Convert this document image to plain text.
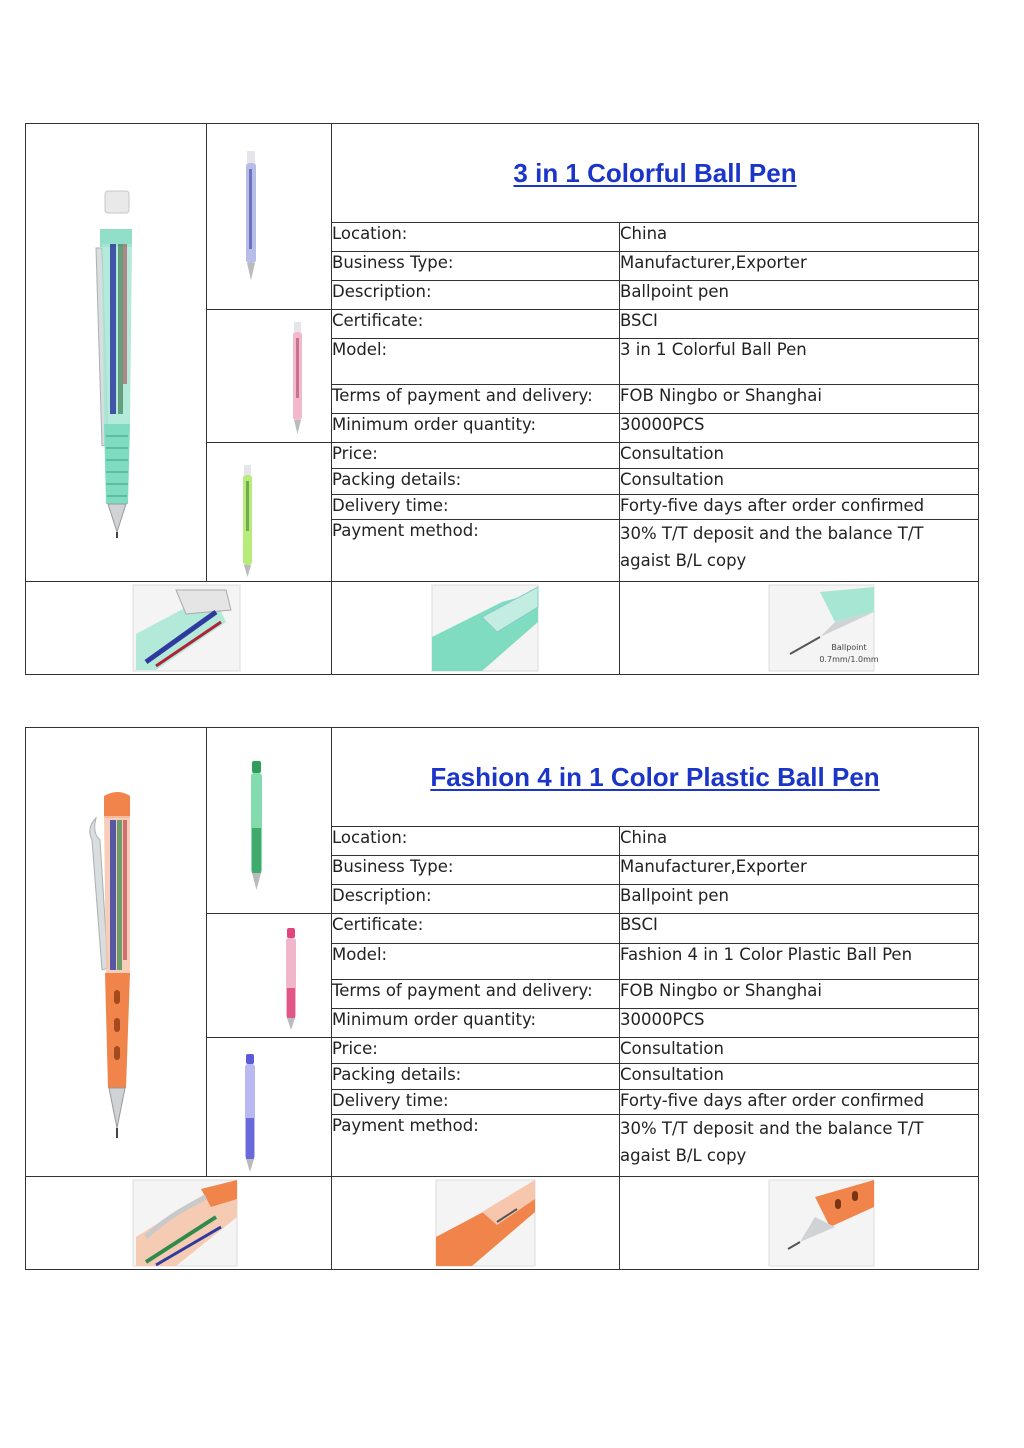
	3 in 1 Colorful Ball Pen	
		Location:	China
		Business Type:	Manufacturer,Exporter
		Description:	Ballpoint pen

	Certificate:	BSCI
		Model:	3 in 1 Colorful Ball Pen
		Terms of payment and delivery:	FOB Ningbo or Shanghai
		Minimum order quantity:	30000PCS

	Price:	Consultation
		Packing details:	Consultation
		Delivery time:	Forty-five days after order confirmed
		Payment method:	30% T/T deposit and the balance T/T agaist B/L copy

Ballpoint
0.7mm/1.0mm

	Fashion 4 in 1 Color Plastic Ball Pen	
		Location:	China
		Business Type:	Manufacturer,Exporter
		Description:	Ballpoint pen

	Certificate:	BSCI
		Model:	Fashion 4 in 1 Color Plastic Ball Pen
		Terms of payment and delivery:	FOB Ningbo or Shanghai
		Minimum order quantity:	30000PCS

	Price:	Consultation
		Packing details:	Consultation
		Delivery time:	Forty-five days after order confirmed
		Payment method:	30% T/T deposit and the balance T/T agaist B/L copy
